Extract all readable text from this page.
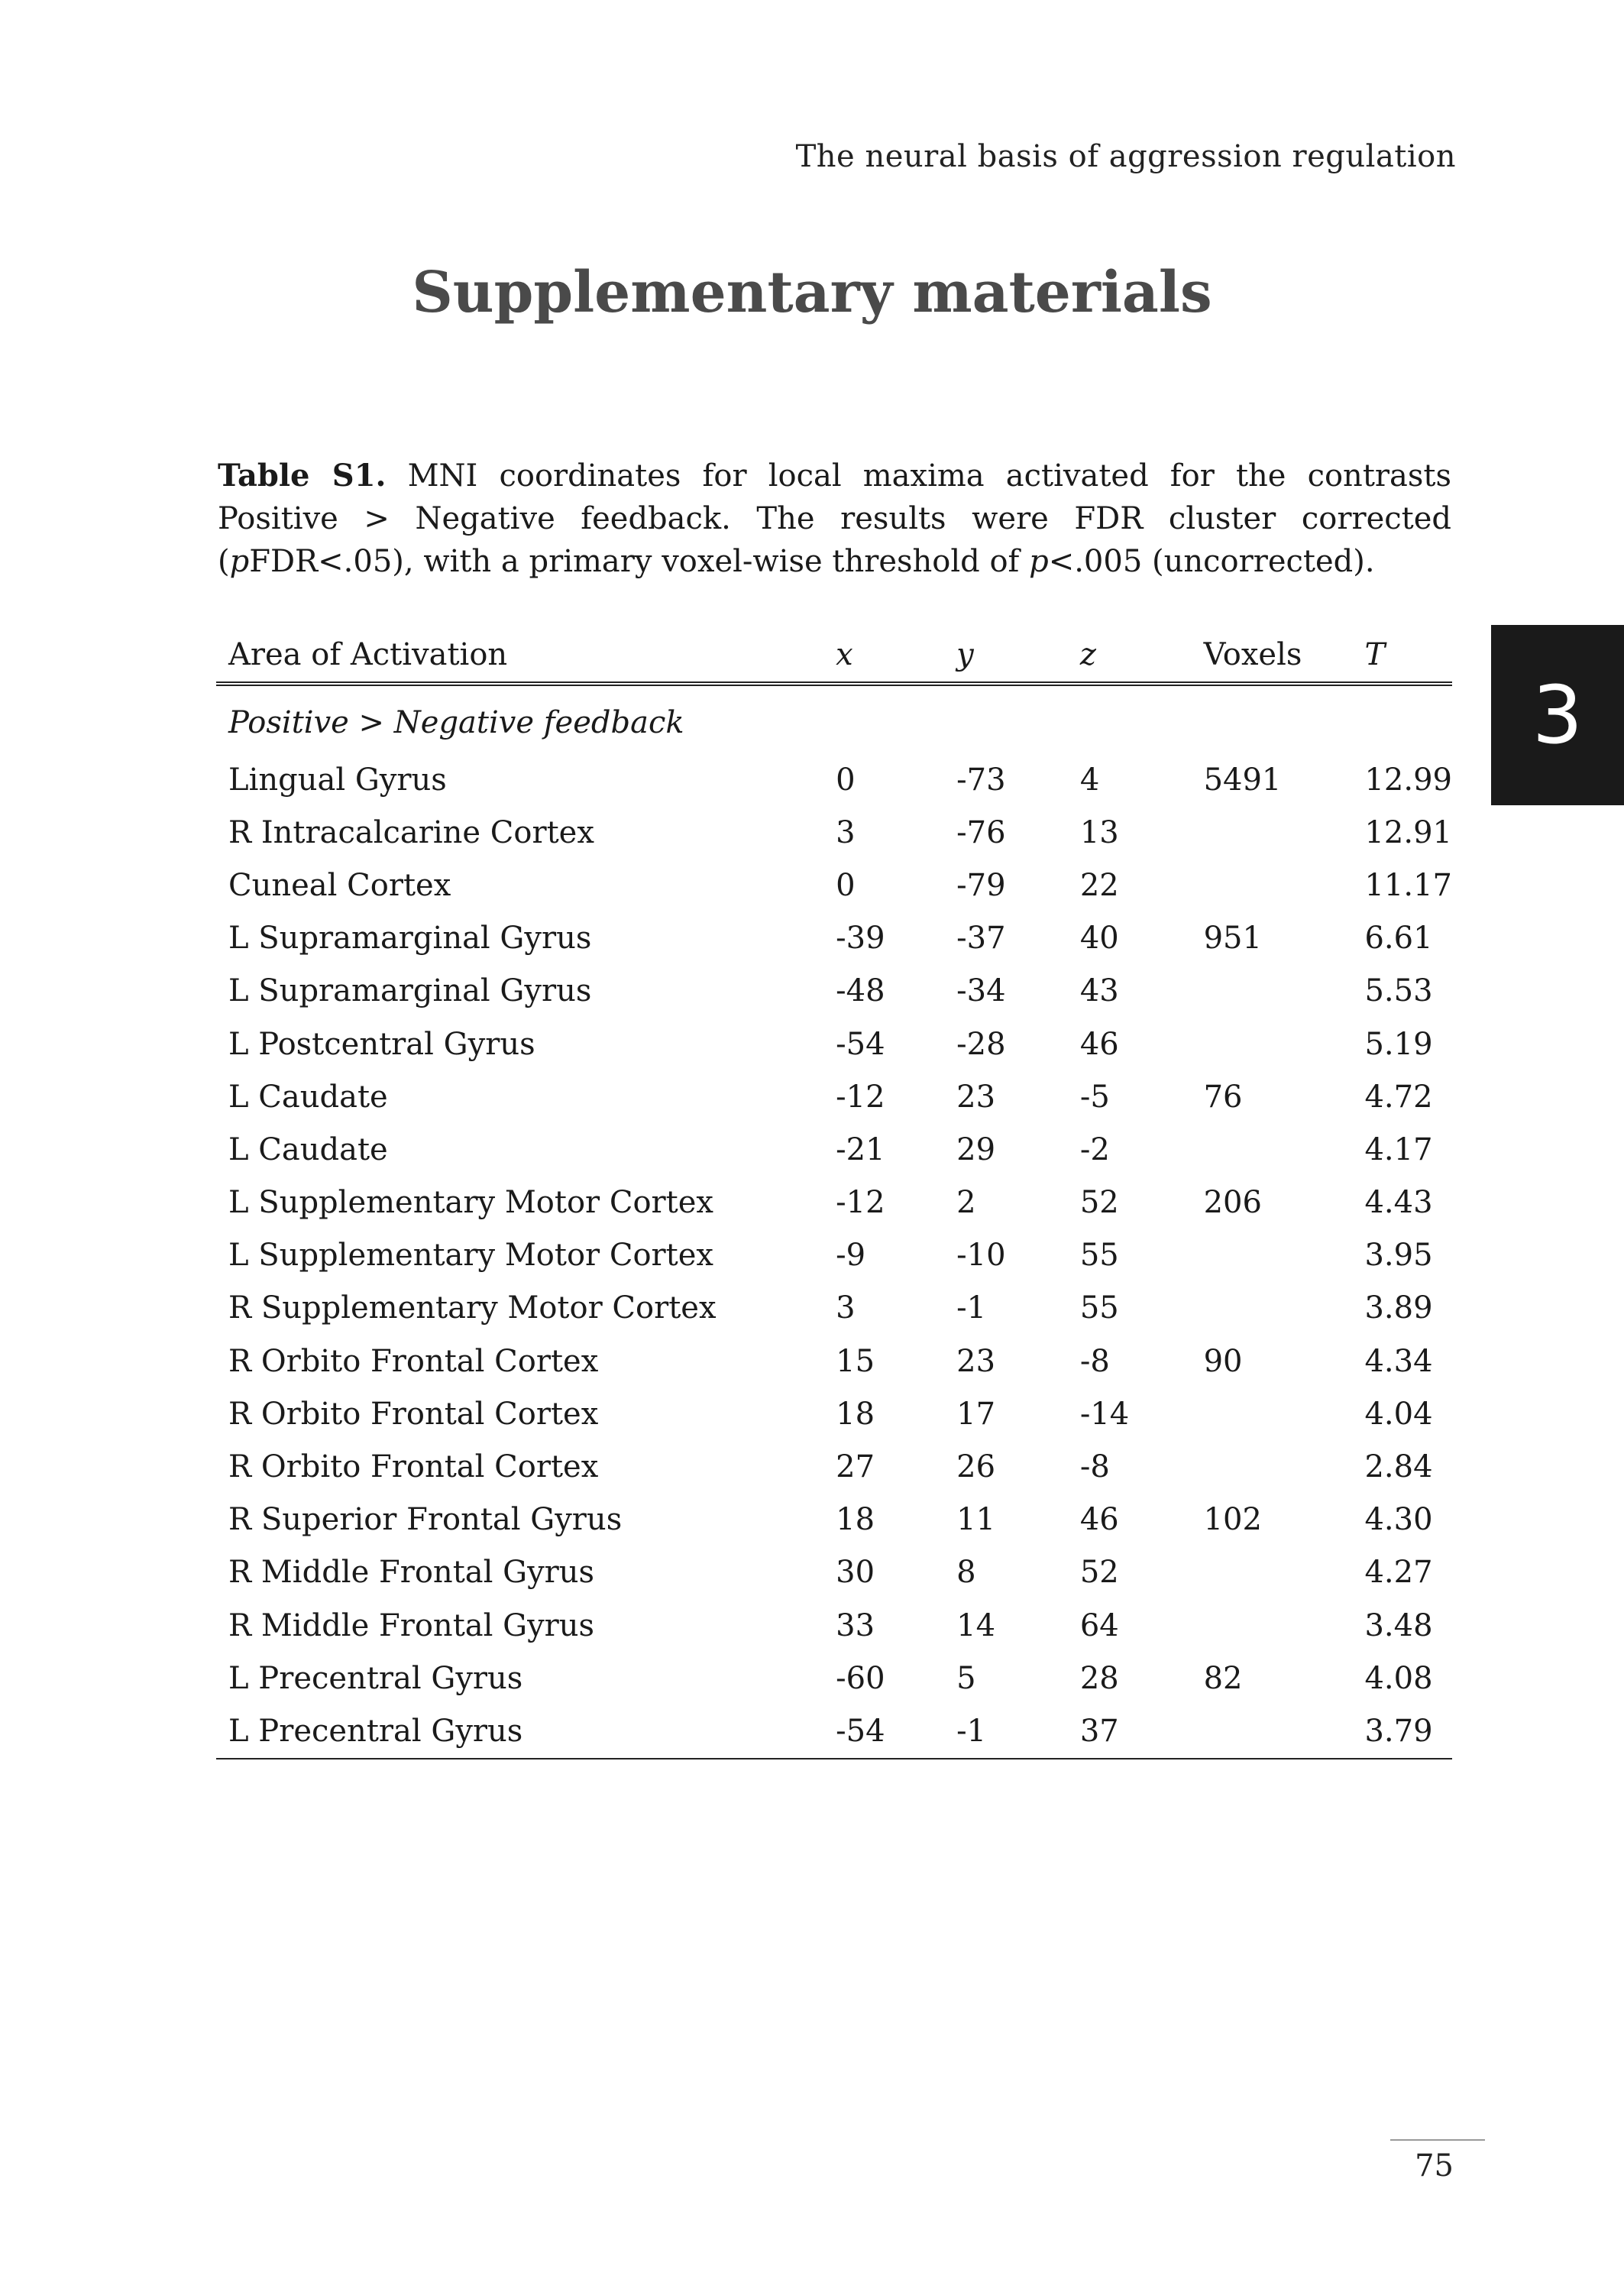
The neural basis of aggression regulation
Supplementary materials
Table S1. MNI coordinates for local maxima activated for the contrasts Positive > Negative feedback. The results were FDR cluster corrected (pFDR<.05), with a primary voxel-wise threshold of p<.005 (uncorrected).
3
Area of Activation	x	y	z	Voxels	T
Positive > Negative feedback					
Lingual Gyrus	0	-73	4	5491	12.99
R Intracalcarine Cortex	3	-76	13		12.91
Cuneal Cortex	0	-79	22		11.17
L Supramarginal Gyrus	-39	-37	40	951	6.61
L Supramarginal Gyrus	-48	-34	43		5.53
L Postcentral Gyrus	-54	-28	46		5.19
L Caudate	-12	23	-5	76	4.72
L Caudate	-21	29	-2		4.17
L Supplementary Motor Cortex	-12	2	52	206	4.43
L Supplementary Motor Cortex	-9	-10	55		3.95
R Supplementary Motor Cortex	3	-1	55		3.89
R Orbito Frontal Cortex	15	23	-8	90	4.34
R Orbito Frontal Cortex	18	17	-14		4.04
R Orbito Frontal Cortex	27	26	-8		2.84
R Superior Frontal Gyrus	18	11	46	102	4.30
R Middle Frontal Gyrus	30	8	52		4.27
R Middle Frontal Gyrus	33	14	64		3.48
L Precentral Gyrus	-60	5	28	82	4.08
L Precentral Gyrus	-54	-1	37		3.79
75
